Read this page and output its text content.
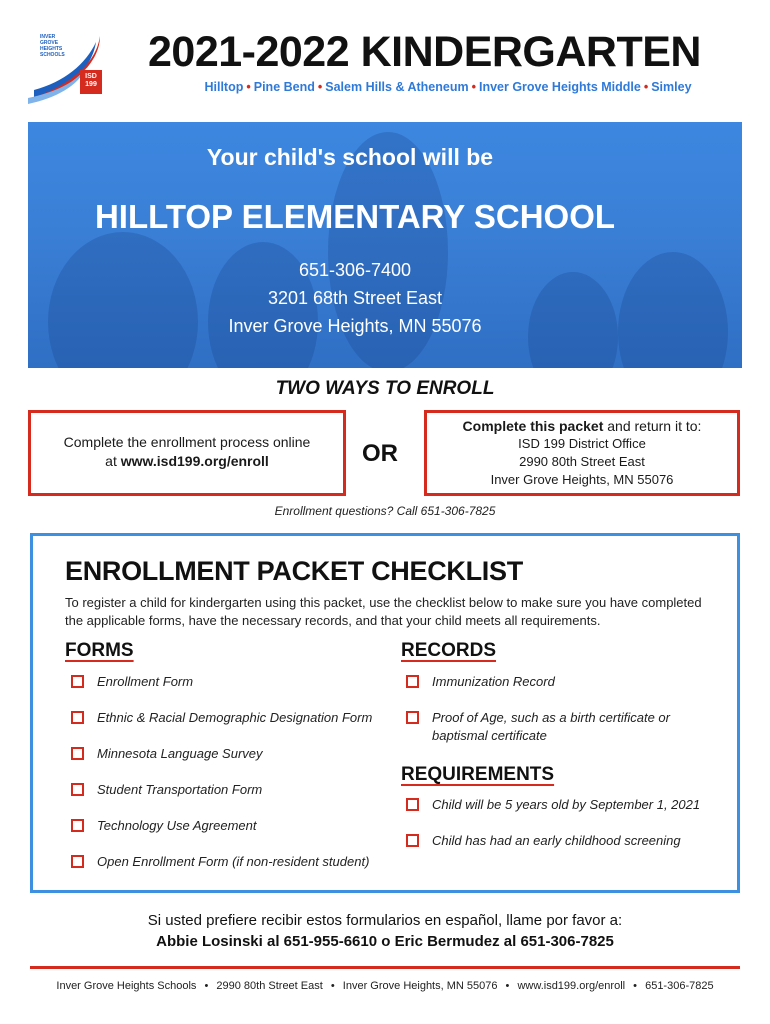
INVER
GROVE
HEIGHTS
SCHOOLS
ISD
199
2021-2022 KINDERGARTEN
Hilltop • Pine Bend • Salem Hills & Atheneum • Inver Grove Heights Middle • Simley
Your child's school will be
HILLTOP ELEMENTARY SCHOOL
651-306-7400
3201 68th Street East
Inver Grove Heights, MN 55076
TWO WAYS TO ENROLL
Complete the enrollment process online
at www.isd199.org/enroll	OR
Complete this packet and return it to:
ISD 199 District Office
2990 80th Street East
Inver Grove Heights, MN 55076
Enrollment questions? Call 651-306-7825
ENROLLMENT PACKET CHECKLIST
To register a child for kindergarten using this packet, use the checklist below to make sure you have completed the applicable forms, have the necessary records, and that your child meets all requirements.
FORMS
Enrollment Form
Ethnic & Racial Demographic Designation Form
Minnesota Language Survey
Student Transportation Form
Technology Use Agreement
Open Enrollment Form (if non-resident student)
RECORDS
Immunization Record
Proof of Age, such as a birth certificate or baptismal certificate
REQUIREMENTS
Child will be 5 years old by September 1, 2021
Child has had an early childhood screening
Si usted prefiere recibir estos formularios en español, llame por favor a:
Abbie Losinski al 651-955-6610 o Eric Bermudez al 651-306-7825
Inver Grove Heights Schools • 2990 80th Street East • Inver Grove Heights, MN 55076 • www.isd199.org/enroll • 651-306-7825
